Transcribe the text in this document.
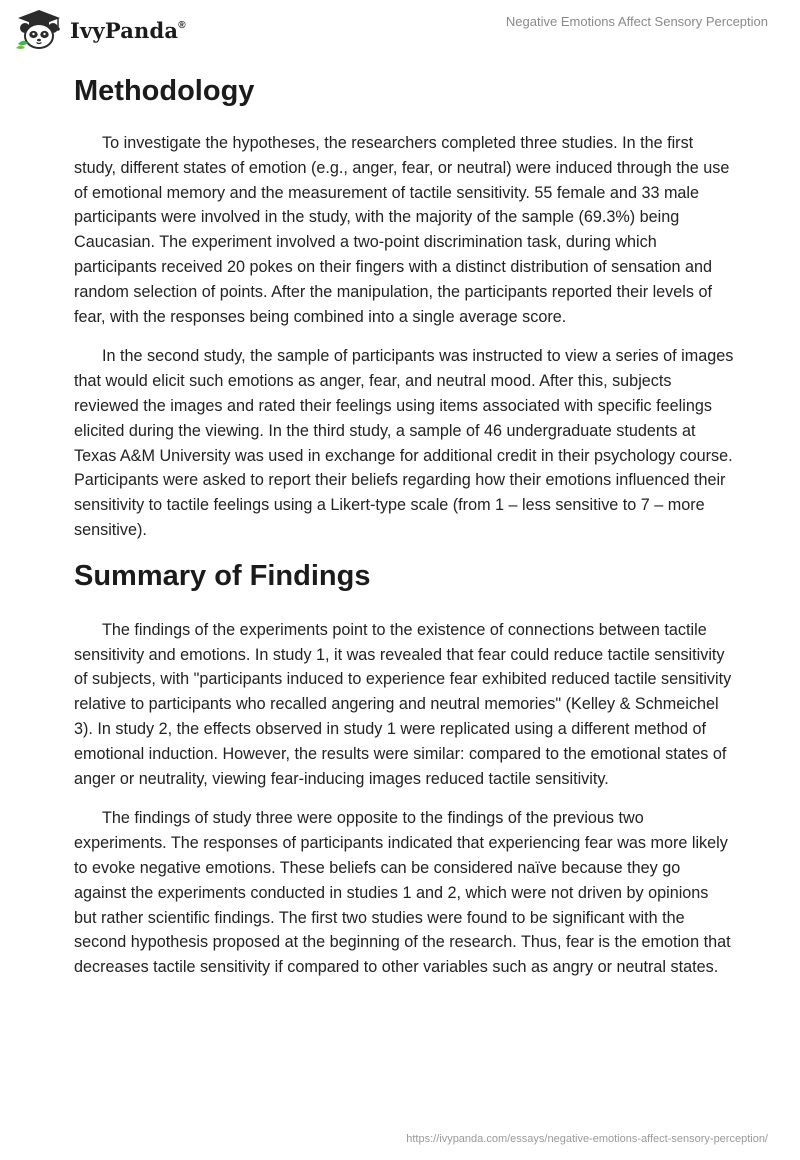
IvyPanda®	Negative Emotions Affect Sensory Perception
Methodology

To investigate the hypotheses, the researchers completed three studies. In the first study, different states of emotion (e.g., anger, fear, or neutral) were induced through the use of emotional memory and the measurement of tactile sensitivity. 55 female and 33 male participants were involved in the study, with the majority of the sample (69.3%) being Caucasian. The experiment involved a two-point discrimination task, during which participants received 20 pokes on their fingers with a distinct distribution of sensation and random selection of points. After the manipulation, the participants reported their levels of fear, with the responses being combined into a single average score.

In the second study, the sample of participants was instructed to view a series of images that would elicit such emotions as anger, fear, and neutral mood. After this, subjects reviewed the images and rated their feelings using items associated with specific feelings elicited during the viewing. In the third study, a sample of 46 undergraduate students at Texas A&M University was used in exchange for additional credit in their psychology course. Participants were asked to report their beliefs regarding how their emotions influenced their sensitivity to tactile feelings using a Likert-type scale (from 1 – less sensitive to 7 – more sensitive).

Summary of Findings

The findings of the experiments point to the existence of connections between tactile sensitivity and emotions. In study 1, it was revealed that fear could reduce tactile sensitivity of subjects, with "participants induced to experience fear exhibited reduced tactile sensitivity relative to participants who recalled angering and neutral memories" (Kelley & Schmeichel 3). In study 2, the effects observed in study 1 were replicated using a different method of emotional induction. However, the results were similar: compared to the emotional states of anger or neutrality, viewing fear-inducing images reduced tactile sensitivity.

The findings of study three were opposite to the findings of the previous two experiments. The responses of participants indicated that experiencing fear was more likely to evoke negative emotions. These beliefs can be considered naïve because they go against the experiments conducted in studies 1 and 2, which were not driven by opinions but rather scientific findings. The first two studies were found to be significant with the second hypothesis proposed at the beginning of the research. Thus, fear is the emotion that decreases tactile sensitivity if compared to other variables such as angry or neutral states.

https://ivypanda.com/essays/negative-emotions-affect-sensory-perception/
